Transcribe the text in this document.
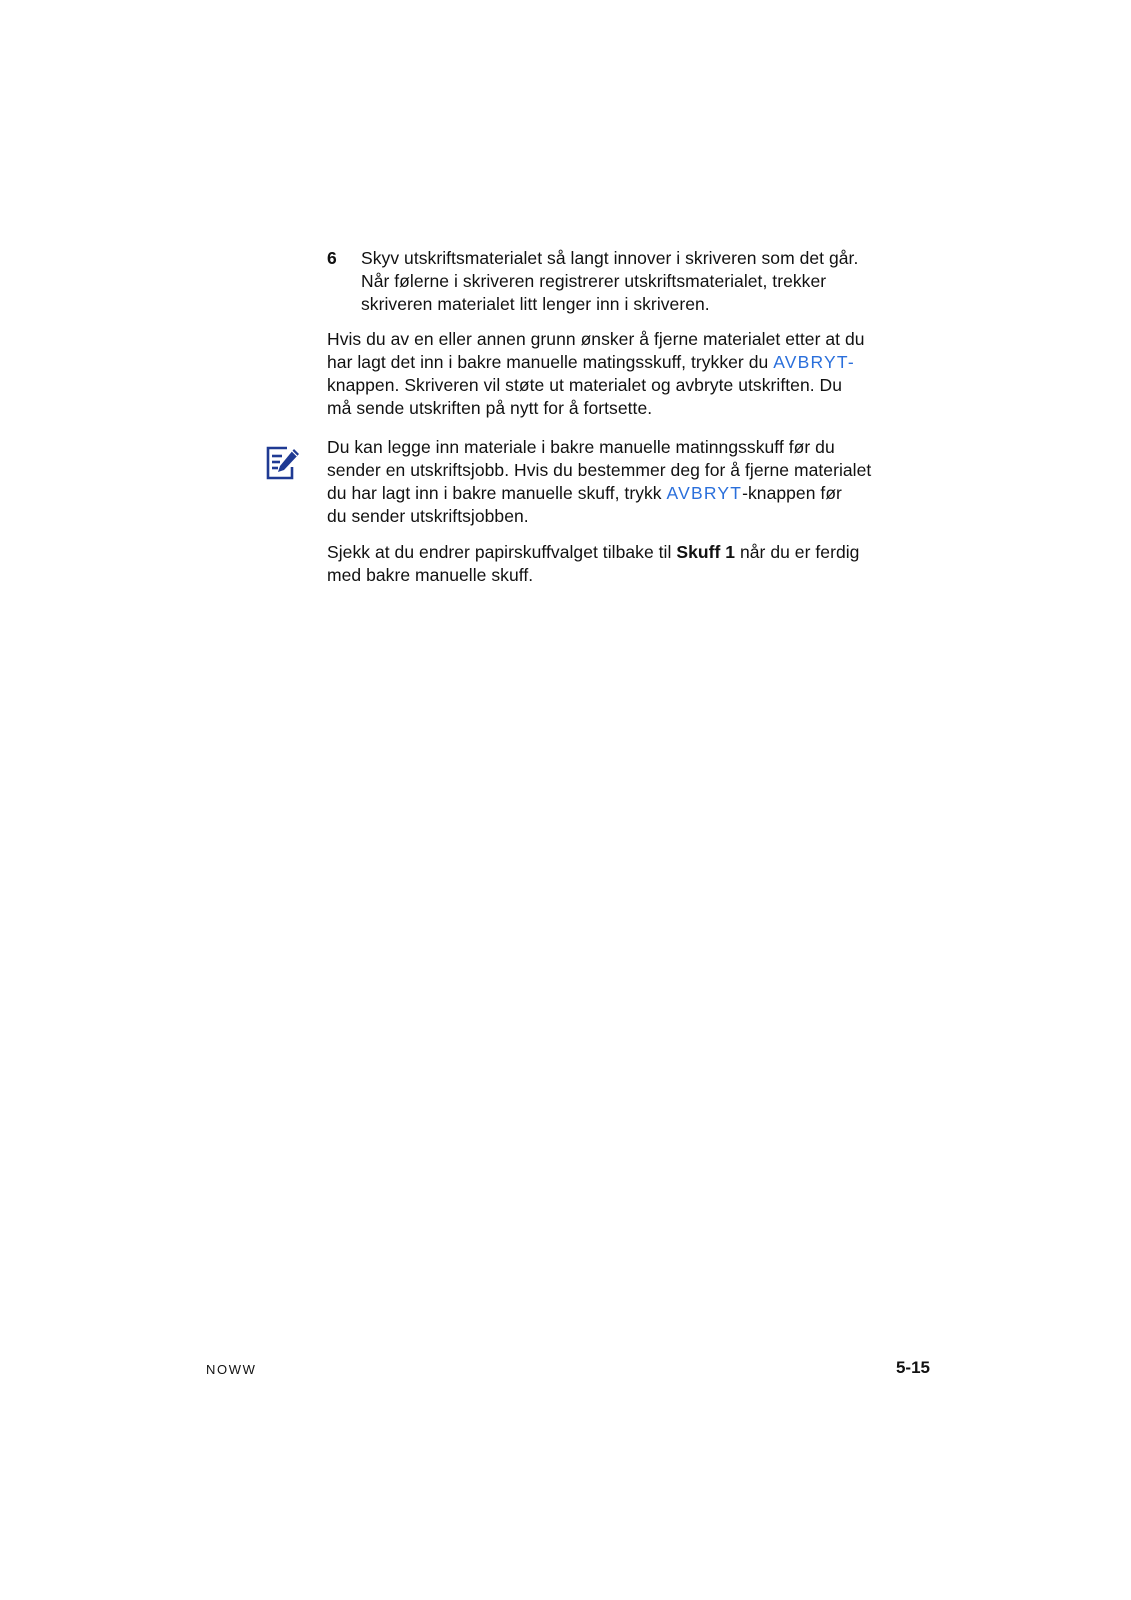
6 Skyv utskriftsmaterialet så langt innover i skriveren som det går.
Når følerne i skriveren registrerer utskriftsmaterialet, trekker
skriveren materialet litt lenger inn i skriveren.
Hvis du av en eller annen grunn ønsker å fjerne materialet etter at du
har lagt det inn i bakre manuelle matingsskuff, trykker du AVBRYT-
knappen. Skriveren vil støte ut materialet og avbryte utskriften. Du
må sende utskriften på nytt for å fortsette.
Du kan legge inn materiale i bakre manuelle matinngsskuff før du
sender en utskriftsjobb. Hvis du bestemmer deg for å fjerne materialet
du har lagt inn i bakre manuelle skuff, trykk AVBRYT-knappen før
du sender utskriftsjobben.
Sjekk at du endrer papirskuffvalget tilbake til Skuff 1 når du er ferdig
med bakre manuelle skuff.
NOWW	5-15
